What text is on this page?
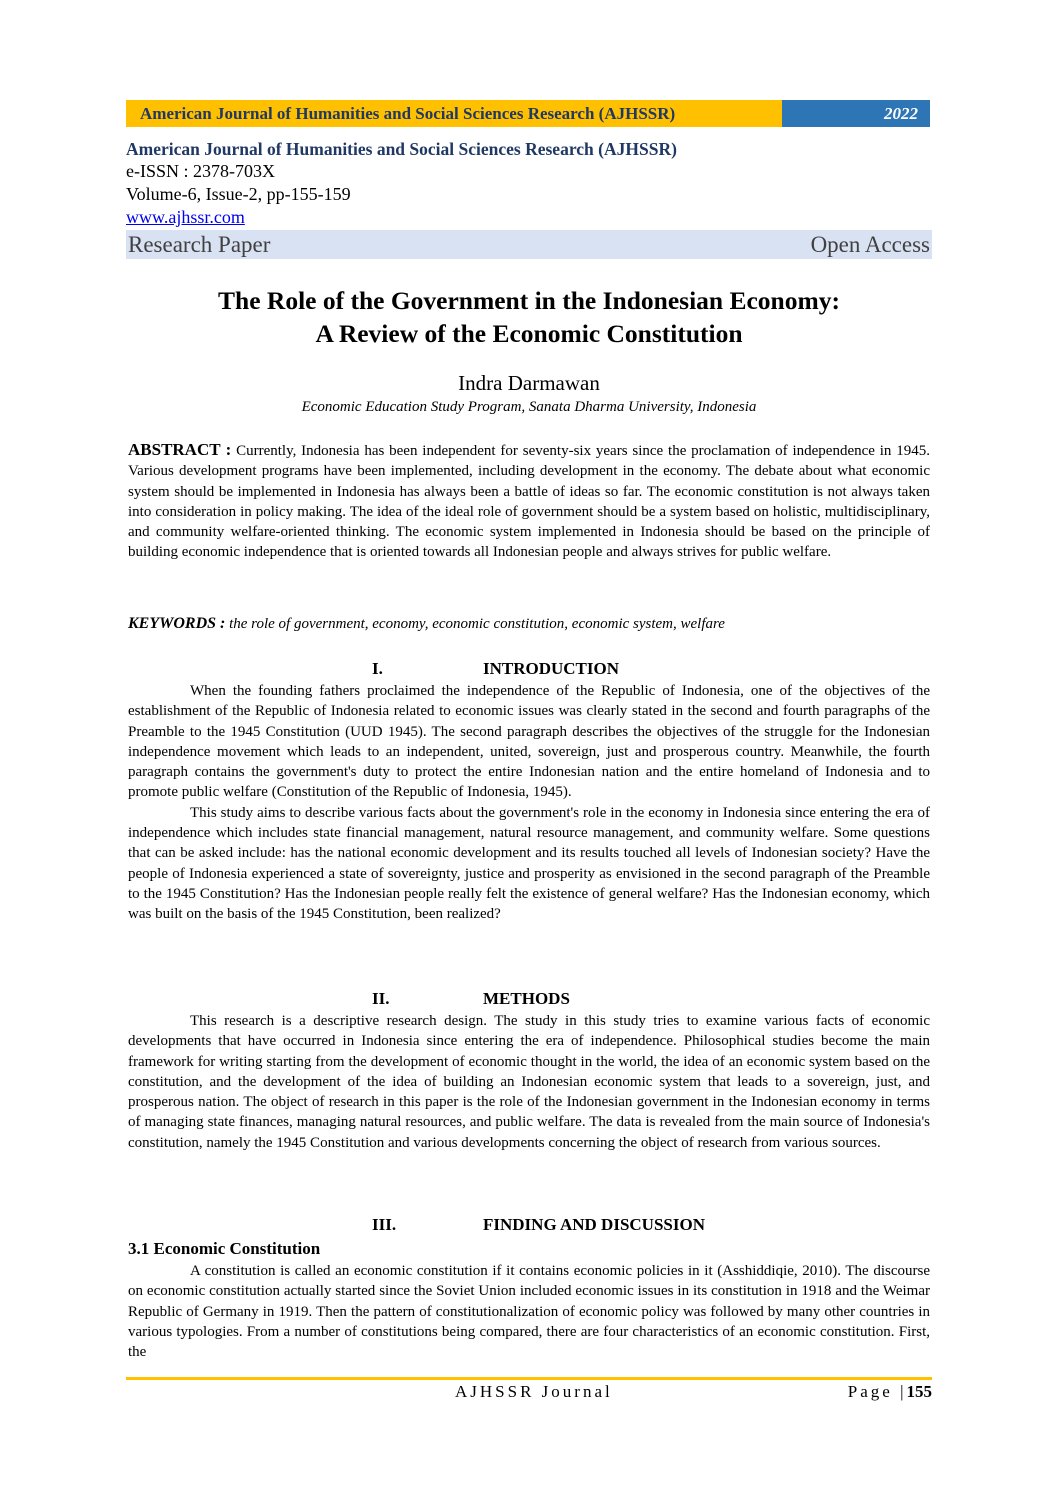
American Journal of Humanities and Social Sciences Research (AJHSSR)	2022
American Journal of Humanities and Social Sciences Research (AJHSSR)
e-ISSN : 2378-703X
Volume-6, Issue-2, pp-155-159
www.ajhssr.com
Research Paper	Open Access
The Role of the Government in the Indonesian Economy:
A Review of the Economic Constitution
Indra Darmawan
Economic Education Study Program, Sanata Dharma University, Indonesia
ABSTRACT : Currently, Indonesia has been independent for seventy-six years since the proclamation of independence in 1945. Various development programs have been implemented, including development in the economy. The debate about what economic system should be implemented in Indonesia has always been a battle of ideas so far. The economic constitution is not always taken into consideration in policy making. The idea of the ideal role of government should be a system based on holistic, multidisciplinary, and community welfare-oriented thinking. The economic system implemented in Indonesia should be based on the principle of building economic independence that is oriented towards all Indonesian people and always strives for public welfare.
KEYWORDS : the role of government, economy, economic constitution, economic system, welfare
I.	INTRODUCTION

When the founding fathers proclaimed the independence of the Republic of Indonesia, one of the objectives of the establishment of the Republic of Indonesia related to economic issues was clearly stated in the second and fourth paragraphs of the Preamble to the 1945 Constitution (UUD 1945). The second paragraph describes the objectives of the struggle for the Indonesian independence movement which leads to an independent, united, sovereign, just and prosperous country. Meanwhile, the fourth paragraph contains the government's duty to protect the entire Indonesian nation and the entire homeland of Indonesia and to promote public welfare (Constitution of the Republic of Indonesia, 1945).

This study aims to describe various facts about the government's role in the economy in Indonesia since entering the era of independence which includes state financial management, natural resource management, and community welfare. Some questions that can be asked include: has the national economic development and its results touched all levels of Indonesian society? Have the people of Indonesia experienced a state of sovereignty, justice and prosperity as envisioned in the second paragraph of the Preamble to the 1945 Constitution? Has the Indonesian people really felt the existence of general welfare? Has the Indonesian economy, which was built on the basis of the 1945 Constitution, been realized?

II.	METHODS

This research is a descriptive research design. The study in this study tries to examine various facts of economic developments that have occurred in Indonesia since entering the era of independence. Philosophical studies become the main framework for writing starting from the development of economic thought in the world, the idea of an economic system based on the constitution, and the development of the idea of building an Indonesian economic system that leads to a sovereign, just, and prosperous nation. The object of research in this paper is the role of the Indonesian government in the Indonesian economy in terms of managing state finances, managing natural resources, and public welfare. The data is revealed from the main source of Indonesia's constitution, namely the 1945 Constitution and various developments concerning the object of research from various sources.

III.	FINDING AND DISCUSSION
3.1 Economic Constitution

A constitution is called an economic constitution if it contains economic policies in it (Asshiddiqie, 2010). The discourse on economic constitution actually started since the Soviet Union included economic issues in its constitution in 1918 and the Weimar Republic of Germany in 1919. Then the pattern of constitutionalization of economic policy was followed by many other countries in various typologies. From a number of constitutions being compared, there are four characteristics of an economic constitution. First, the

AJHSSR Journal	Page |155
